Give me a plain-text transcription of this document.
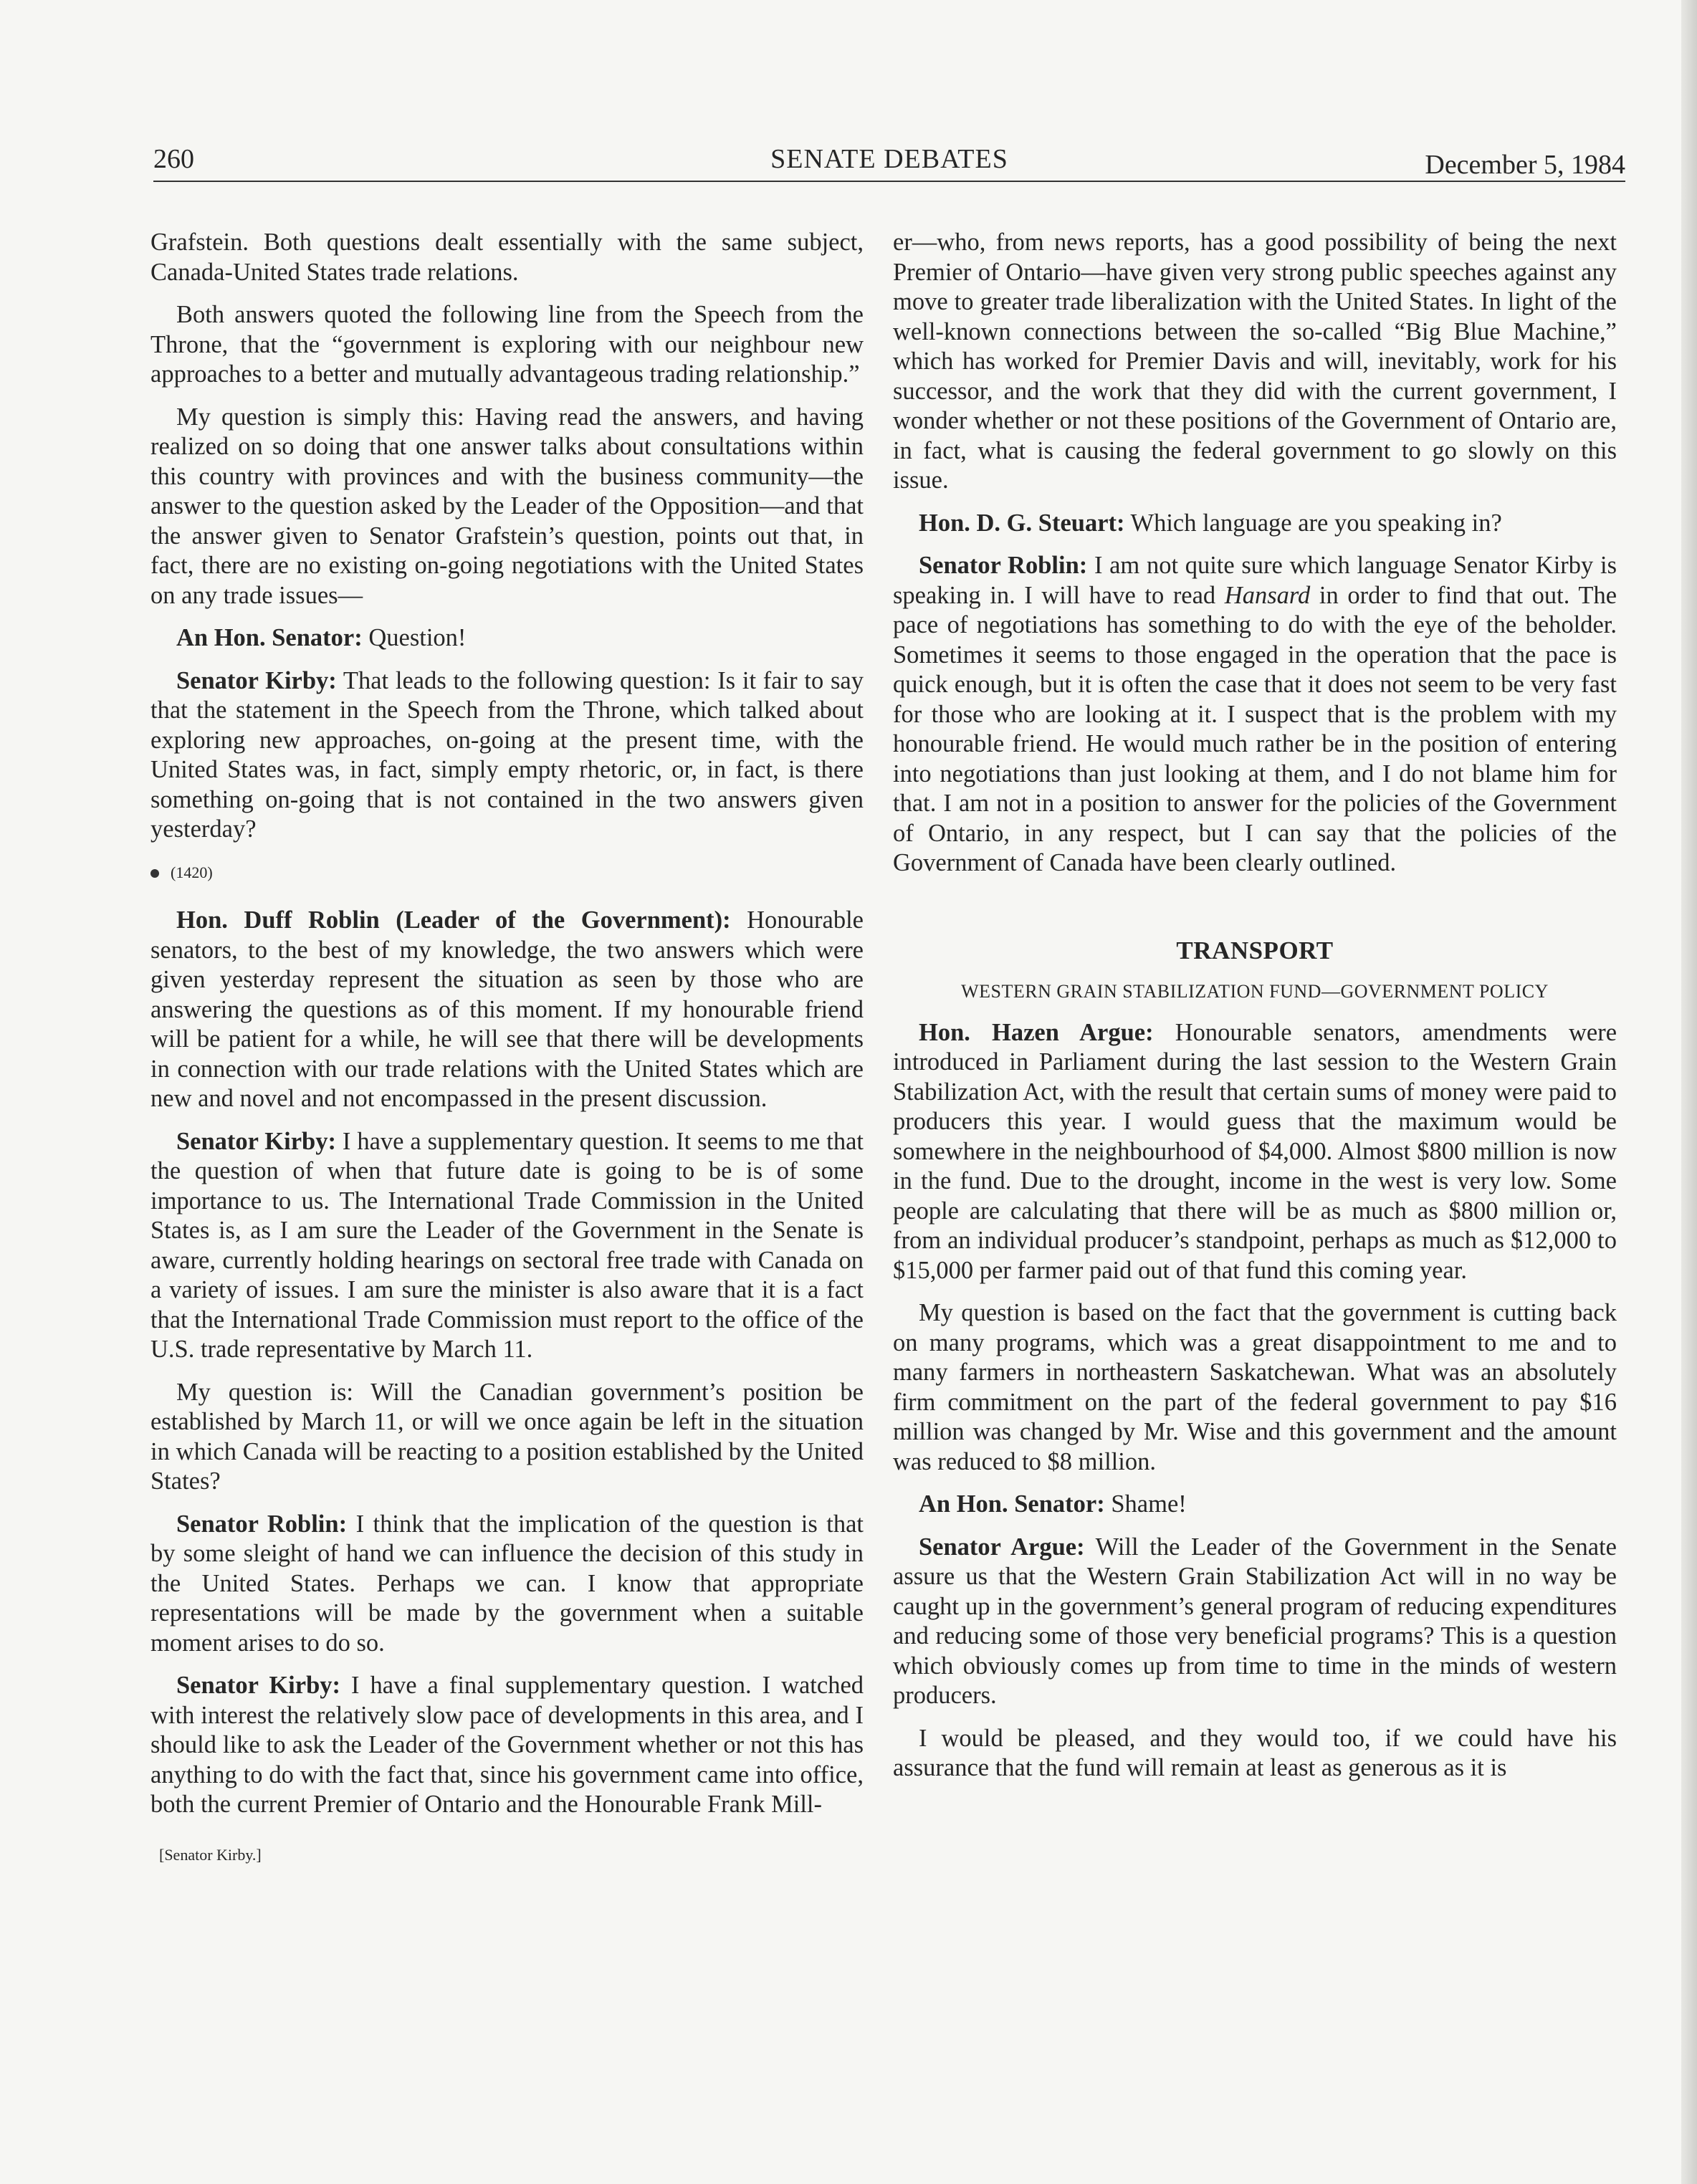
260	SENATE DEBATES	December 5, 1984

Grafstein. Both questions dealt essentially with the same subject, Canada-United States trade relations.

Both answers quoted the following line from the Speech from the Throne, that the “government is exploring with our neighbour new approaches to a better and mutually advantageous trading relationship.”

My question is simply this: Having read the answers, and having realized on so doing that one answer talks about consultations within this country with provinces and with the business community—the answer to the question asked by the Leader of the Opposition—and that the answer given to Senator Grafstein’s question, points out that, in fact, there are no existing on-going negotiations with the United States on any trade issues—

An Hon. Senator: Question!

Senator Kirby: That leads to the following question: Is it fair to say that the statement in the Speech from the Throne, which talked about exploring new approaches, on-going at the present time, with the United States was, in fact, simply empty rhetoric, or, in fact, is there something on-going that is not contained in the two answers given yesterday?

(1420)

Hon. Duff Roblin (Leader of the Government): Honourable senators, to the best of my knowledge, the two answers which were given yesterday represent the situation as seen by those who are answering the questions as of this moment. If my honourable friend will be patient for a while, he will see that there will be developments in connection with our trade relations with the United States which are new and novel and not encompassed in the present discussion.

Senator Kirby: I have a supplementary question. It seems to me that the question of when that future date is going to be is of some importance to us. The International Trade Commission in the United States is, as I am sure the Leader of the Government in the Senate is aware, currently holding hearings on sectoral free trade with Canada on a variety of issues. I am sure the minister is also aware that it is a fact that the International Trade Commission must report to the office of the U.S. trade representative by March 11.

My question is: Will the Canadian government’s position be established by March 11, or will we once again be left in the situation in which Canada will be reacting to a position established by the United States?

Senator Roblin: I think that the implication of the question is that by some sleight of hand we can influence the decision of this study in the United States. Perhaps we can. I know that appropriate representations will be made by the government when a suitable moment arises to do so.

Senator Kirby: I have a final supplementary question. I watched with interest the relatively slow pace of developments in this area, and I should like to ask the Leader of the Government whether or not this has anything to do with the fact that, since his government came into office, both the current Premier of Ontario and the Honourable Frank Mill-

[Senator Kirby.]

er—who, from news reports, has a good possibility of being the next Premier of Ontario—have given very strong public speeches against any move to greater trade liberalization with the United States. In light of the well-known connections between the so-called “Big Blue Machine,” which has worked for Premier Davis and will, inevitably, work for his successor, and the work that they did with the current government, I wonder whether or not these positions of the Government of Ontario are, in fact, what is causing the federal government to go slowly on this issue.

Hon. D. G. Steuart: Which language are you speaking in?

Senator Roblin: I am not quite sure which language Senator Kirby is speaking in. I will have to read Hansard in order to find that out. The pace of negotiations has something to do with the eye of the beholder. Sometimes it seems to those engaged in the operation that the pace is quick enough, but it is often the case that it does not seem to be very fast for those who are looking at it. I suspect that is the problem with my honourable friend. He would much rather be in the position of entering into negotiations than just looking at them, and I do not blame him for that. I am not in a position to answer for the policies of the Government of Ontario, in any respect, but I can say that the policies of the Government of Canada have been clearly outlined.

TRANSPORT
WESTERN GRAIN STABILIZATION FUND—GOVERNMENT POLICY

Hon. Hazen Argue: Honourable senators, amendments were introduced in Parliament during the last session to the Western Grain Stabilization Act, with the result that certain sums of money were paid to producers this year. I would guess that the maximum would be somewhere in the neighbourhood of $4,000. Almost $800 million is now in the fund. Due to the drought, income in the west is very low. Some people are calculating that there will be as much as $800 million or, from an individual producer’s standpoint, perhaps as much as $12,000 to $15,000 per farmer paid out of that fund this coming year.

My question is based on the fact that the government is cutting back on many programs, which was a great disappointment to me and to many farmers in northeastern Saskatchewan. What was an absolutely firm commitment on the part of the federal government to pay $16 million was changed by Mr. Wise and this government and the amount was reduced to $8 million.

An Hon. Senator: Shame!

Senator Argue: Will the Leader of the Government in the Senate assure us that the Western Grain Stabilization Act will in no way be caught up in the government’s general program of reducing expenditures and reducing some of those very beneficial programs? This is a question which obviously comes up from time to time in the minds of western producers.

I would be pleased, and they would too, if we could have his assurance that the fund will remain at least as generous as it is
